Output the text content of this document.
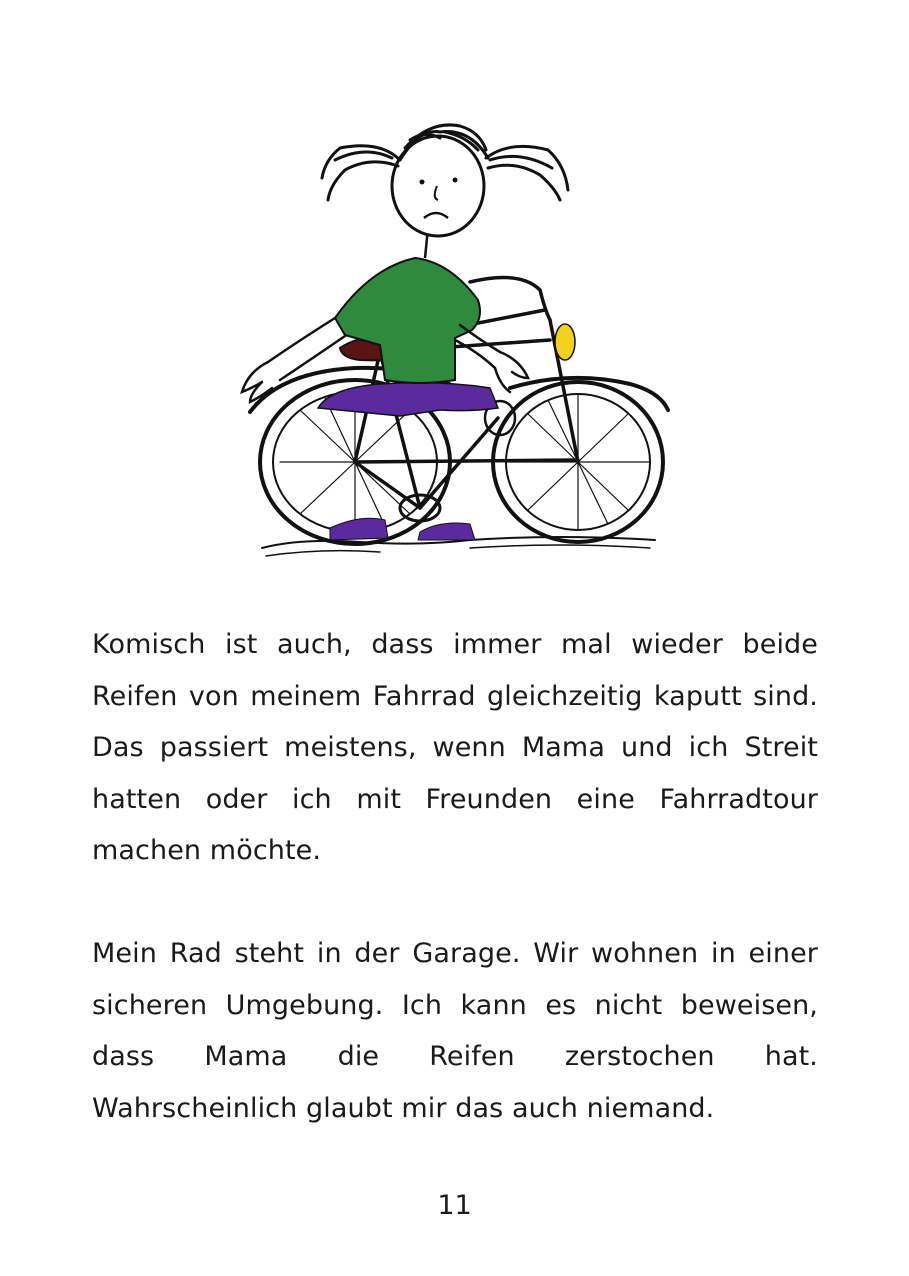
Komisch ist auch, dass immer mal wieder beide Reifen von meinem Fahrrad gleichzeitig kaputt sind. Das passiert meistens, wenn Mama und ich Streit hatten oder ich mit Freunden eine Fahrradtour machen möchte.

Mein Rad steht in der Garage. Wir wohnen in einer sicheren Umgebung. Ich kann es nicht beweisen, dass Mama die Reifen zerstochen hat. Wahrscheinlich glaubt mir das auch niemand.

11
